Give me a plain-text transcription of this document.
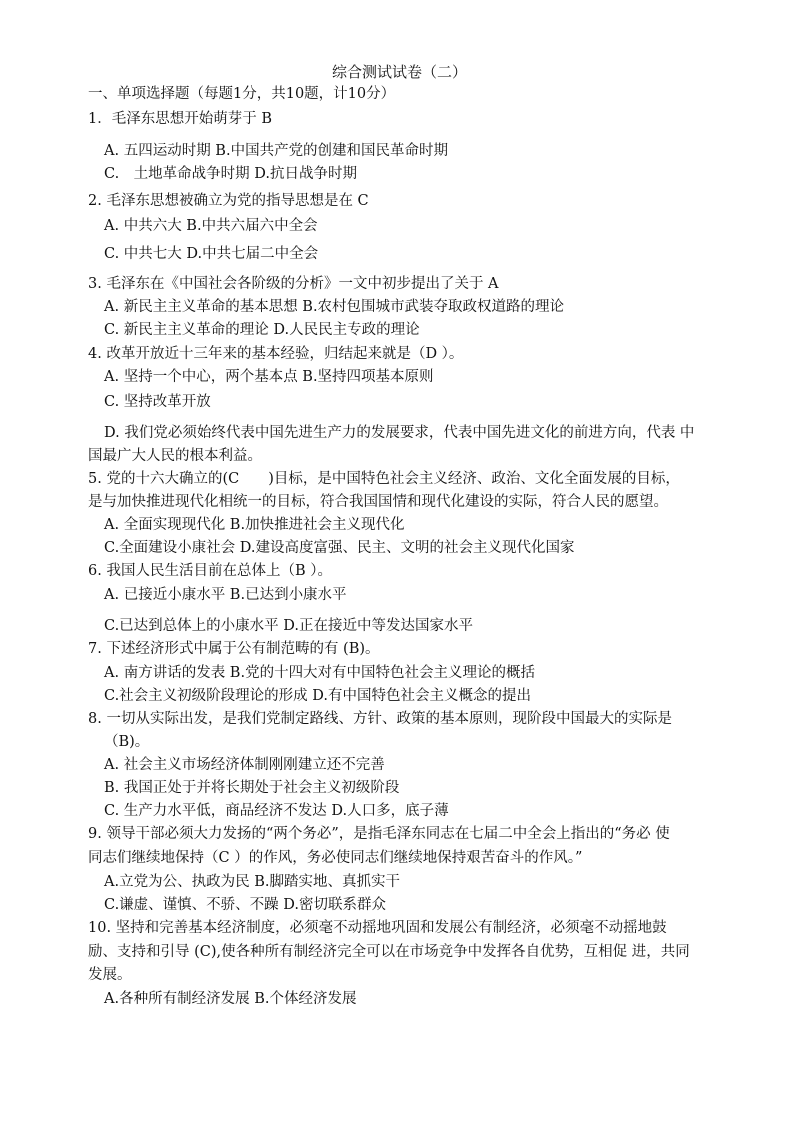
综合测试试卷（二）
一、单项选择题（每题1分，共10题，计10分）
1．毛泽东思想开始萌芽于 B
A. 五四运动时期 B.中国共产党的创建和国民革命时期
C.　土地革命战争时期 D.抗日战争时期
2. 毛泽东思想被确立为党的指导思想是在 C
A. 中共六大 B.中共六届六中全会
C. 中共七大 D.中共七届二中全会
3. 毛泽东在《中国社会各阶级的分析》一文中初步提出了关于 A
A. 新民主主义革命的基本思想 B.农村包围城市武装夺取政权道路的理论
C. 新民主主义革命的理论 D.人民民主专政的理论
4. 改革开放近十三年来的基本经验，归结起来就是（D ）。
A. 坚持一个中心，两个基本点 B.坚持四项基本原则
C. 坚持改革开放
D. 我们党必须始终代表中国先进生产力的发展要求，代表中国先进文化的前进方向，代表 中
国最广大人民的根本利益。
5. 党的十六大确立的(C　　)目标，是中国特色社会主义经济、政治、文化全面发展的目标，
是与加快推进现代化相统一的目标，符合我国国情和现代化建设的实际，符合人民的愿望。
A. 全面实现现代化 B.加快推进社会主义现代化
C.全面建设小康社会 D.建设高度富强、民主、文明的社会主义现代化国家
6. 我国人民生活目前在总体上（B ）。
A. 已接近小康水平 B.已达到小康水平
C.已达到总体上的小康水平 D.正在接近中等发达国家水平
7. 下述经济形式中属于公有制范畴的有 (B)。
A. 南方讲话的发表 B.党的十四大对有中国特色社会主义理论的概括
C.社会主义初级阶段理论的形成 D.有中国特色社会主义概念的提出
8. 一切从实际出发，是我们党制定路线、方针、政策的基本原则，现阶段中国最大的实际是
（B)。
A. 社会主义市场经济体制刚刚建立还不完善
B. 我国正处于并将长期处于社会主义初级阶段
C. 生产力水平低，商品经济不发达 D.人口多，底子薄
9. 领导干部必须大力发扬的“两个务必”，是指毛泽东同志在七届二中全会上指出的“务必 使
同志们继续地保持（C ）的作风，务必使同志们继续地保持艰苦奋斗的作风。”
A.立党为公、执政为民 B.脚踏实地、真抓实干
C.谦虚、谨慎、不骄、不躁 D.密切联系群众
10. 坚持和完善基本经济制度，必须毫不动摇地巩固和发展公有制经济，必须毫不动摇地鼓
励、支持和引导 (C),使各种所有制经济完全可以在市场竞争中发挥各自优势，互相促 进，共同
发展。
A.各种所有制经济发展 B.个体经济发展
